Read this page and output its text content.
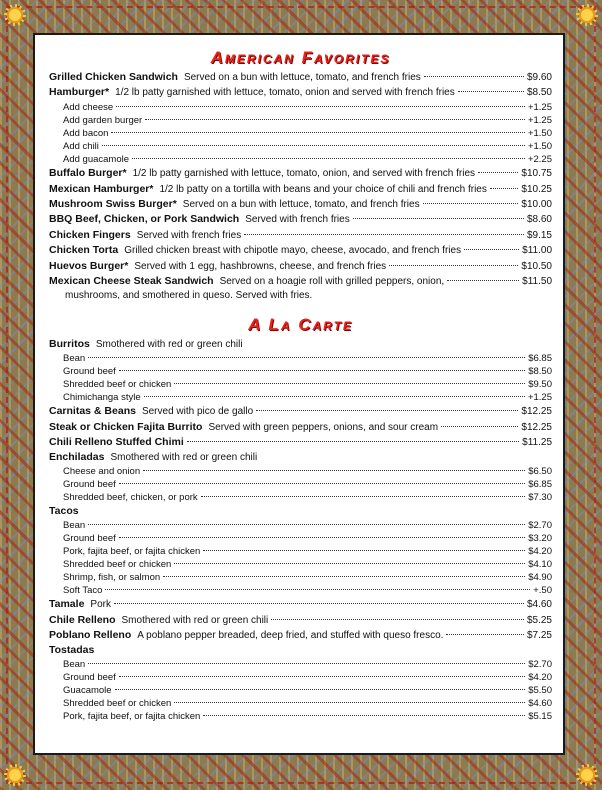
American Favorites
Grilled Chicken Sandwich Served on a bun with lettuce, tomato, and french fries	$9.60
Hamburger* 1/2 lb patty garnished with lettuce, tomato, onion and served with french fries	$8.50
Add cheese	+1.25
Add garden burger	+1.25
Add bacon	+1.50
Add chili	+1.50
Add guacamole	+2.25
Buffalo Burger* 1/2 lb patty garnished with lettuce, tomato, onion, and served with french fries	$10.75
Mexican Hamburger* 1/2 lb patty on a tortilla with beans and your choice of chili and french fries	$10.25
Mushroom Swiss Burger* Served on a bun with lettuce, tomato, and french fries	$10.00
BBQ Beef, Chicken, or Pork Sandwich Served with french fries	$8.60
Chicken Fingers Served with french fries	$9.15
Chicken Torta Grilled chicken breast with chipotle mayo, cheese, avocado, and french fries	$11.00
Huevos Burger* Served with 1 egg, hashbrowns, cheese, and french fries	$10.50
Mexican Cheese Steak Sandwich Served on a hoagie roll with grilled peppers, onion,	$11.50
mushrooms, and smothered in queso. Served with fries.
A La Carte
Burritos Smothered with red or green chili
Bean	$6.85
Ground beef	$8.50
Shredded beef or chicken	$9.50
Chimichanga style	+1.25
Carnitas & Beans Served with pico de gallo	$12.25
Steak or Chicken Fajita Burrito Served with green peppers, onions, and sour cream	$12.25
Chili Relleno Stuffed Chimi	$11.25
Enchiladas Smothered with red or green chili
Cheese and onion	$6.50
Ground beef	$6.85
Shredded beef, chicken, or pork	$7.30
Tacos
Bean	$2.70
Ground beef	$3.20
Pork, fajita beef, or fajita chicken	$4.20
Shredded beef or chicken	$4.10
Shrimp, fish, or salmon	$4.90
Soft Taco	+.50
Tamale Pork	$4.60
Chile Relleno Smothered with red or green chili	$5.25
Poblano Relleno A poblano pepper breaded, deep fried, and stuffed with queso fresco.	$7.25
Tostadas
Bean	$2.70
Ground beef	$4.20
Guacamole	$5.50
Shredded beef or chicken	$4.60
Pork, fajita beef, or fajita chicken	$5.15
